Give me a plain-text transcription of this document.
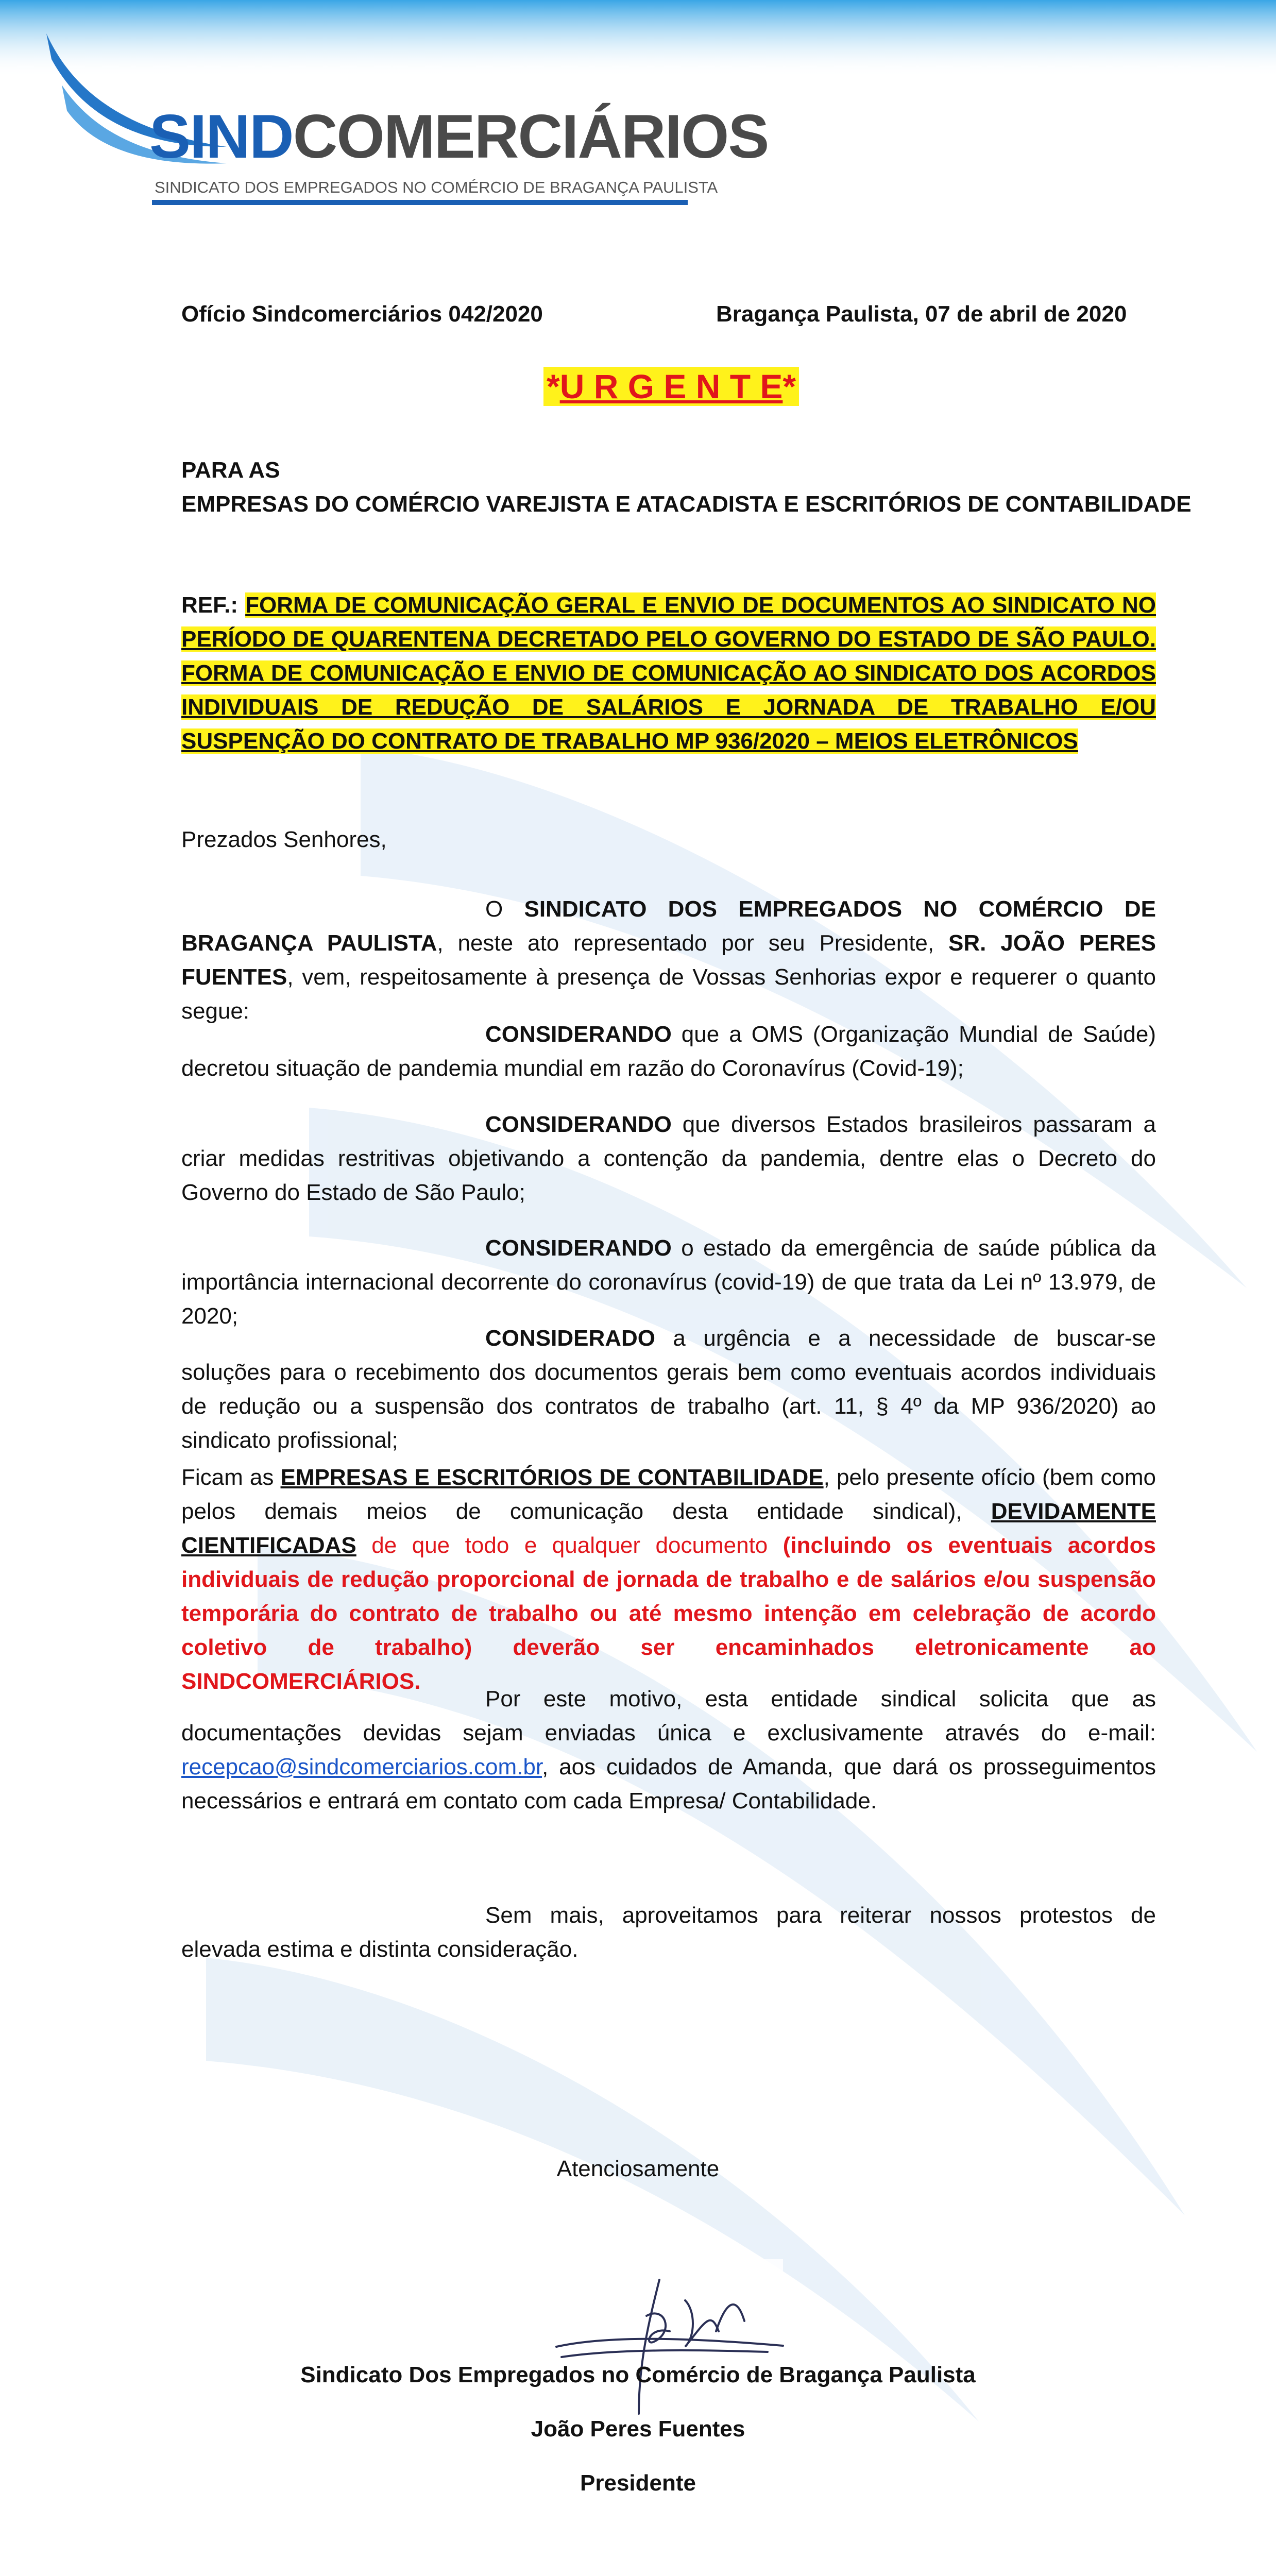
SINDCOMERCIÁRIOS
SINDICATO DOS EMPREGADOS NO COMÉRCIO DE BRAGANÇA PAULISTA
Ofício Sindcomerciários 042/2020	Bragança Paulista, 07 de abril de 2020
*U R G E N T E*
PARA AS
EMPRESAS DO COMÉRCIO VAREJISTA E ATACADISTA E ESCRITÓRIOS DE CONTABILIDADE
REF.: FORMA DE COMUNICAÇÃO GERAL E ENVIO DE DOCUMENTOS AO SINDICATO NO PERÍODO DE QUARENTENA DECRETADO PELO GOVERNO DO ESTADO DE SÃO PAULO. FORMA DE COMUNICAÇÃO E ENVIO DE COMUNICAÇÃO AO SINDICATO DOS ACORDOS INDIVIDUAIS DE REDUÇÃO DE SALÁRIOS E JORNADA DE TRABALHO E/OU SUSPENÇÃO DO CONTRATO DE TRABALHO MP 936/2020 – MEIOS ELETRÔNICOS
Prezados Senhores,
O SINDICATO DOS EMPREGADOS NO COMÉRCIO DE BRAGANÇA PAULISTA, neste ato representado por seu Presidente, SR. JOÃO PERES FUENTES, vem, respeitosamente à presença de Vossas Senhorias expor e requerer o quanto segue:
CONSIDERANDO que a OMS (Organização Mundial de Saúde) decretou situação de pandemia mundial em razão do Coronavírus (Covid-19);
CONSIDERANDO que diversos Estados brasileiros passaram a criar medidas restritivas objetivando a contenção da pandemia, dentre elas o Decreto do Governo do Estado de São Paulo;
CONSIDERANDO o estado da emergência de saúde pública da importância internacional decorrente do coronavírus (covid-19) de que trata da Lei nº 13.979, de 2020;
CONSIDERADO a urgência e a necessidade de buscar-se soluções para o recebimento dos documentos gerais bem como eventuais acordos individuais de redução ou a suspensão dos contratos de trabalho (art. 11, § 4º da MP 936/2020) ao sindicato profissional;
Ficam as EMPRESAS E ESCRITÓRIOS DE CONTABILIDADE, pelo presente ofício (bem como pelos demais meios de comunicação desta entidade sindical), DEVIDAMENTE CIENTIFICADAS de que todo e qualquer documento (incluindo os eventuais acordos individuais de redução proporcional de jornada de trabalho e de salários e/ou suspensão temporária do contrato de trabalho ou até mesmo intenção em celebração de acordo coletivo de trabalho) deverão ser encaminhados eletronicamente ao SINDCOMERCIÁRIOS.
Por este motivo, esta entidade sindical solicita que as documentações devidas sejam enviadas única e exclusivamente através do e-mail: recepcao@sindcomerciarios.com.br, aos cuidados de Amanda, que dará os prosseguimentos necessários e entrará em contato com cada Empresa/ Contabilidade.
Sem mais, aproveitamos para reiterar nossos protestos de elevada estima e distinta consideração.
Atenciosamente
Sindicato Dos Empregados no Comércio de Bragança Paulista
João Peres Fuentes
Presidente
